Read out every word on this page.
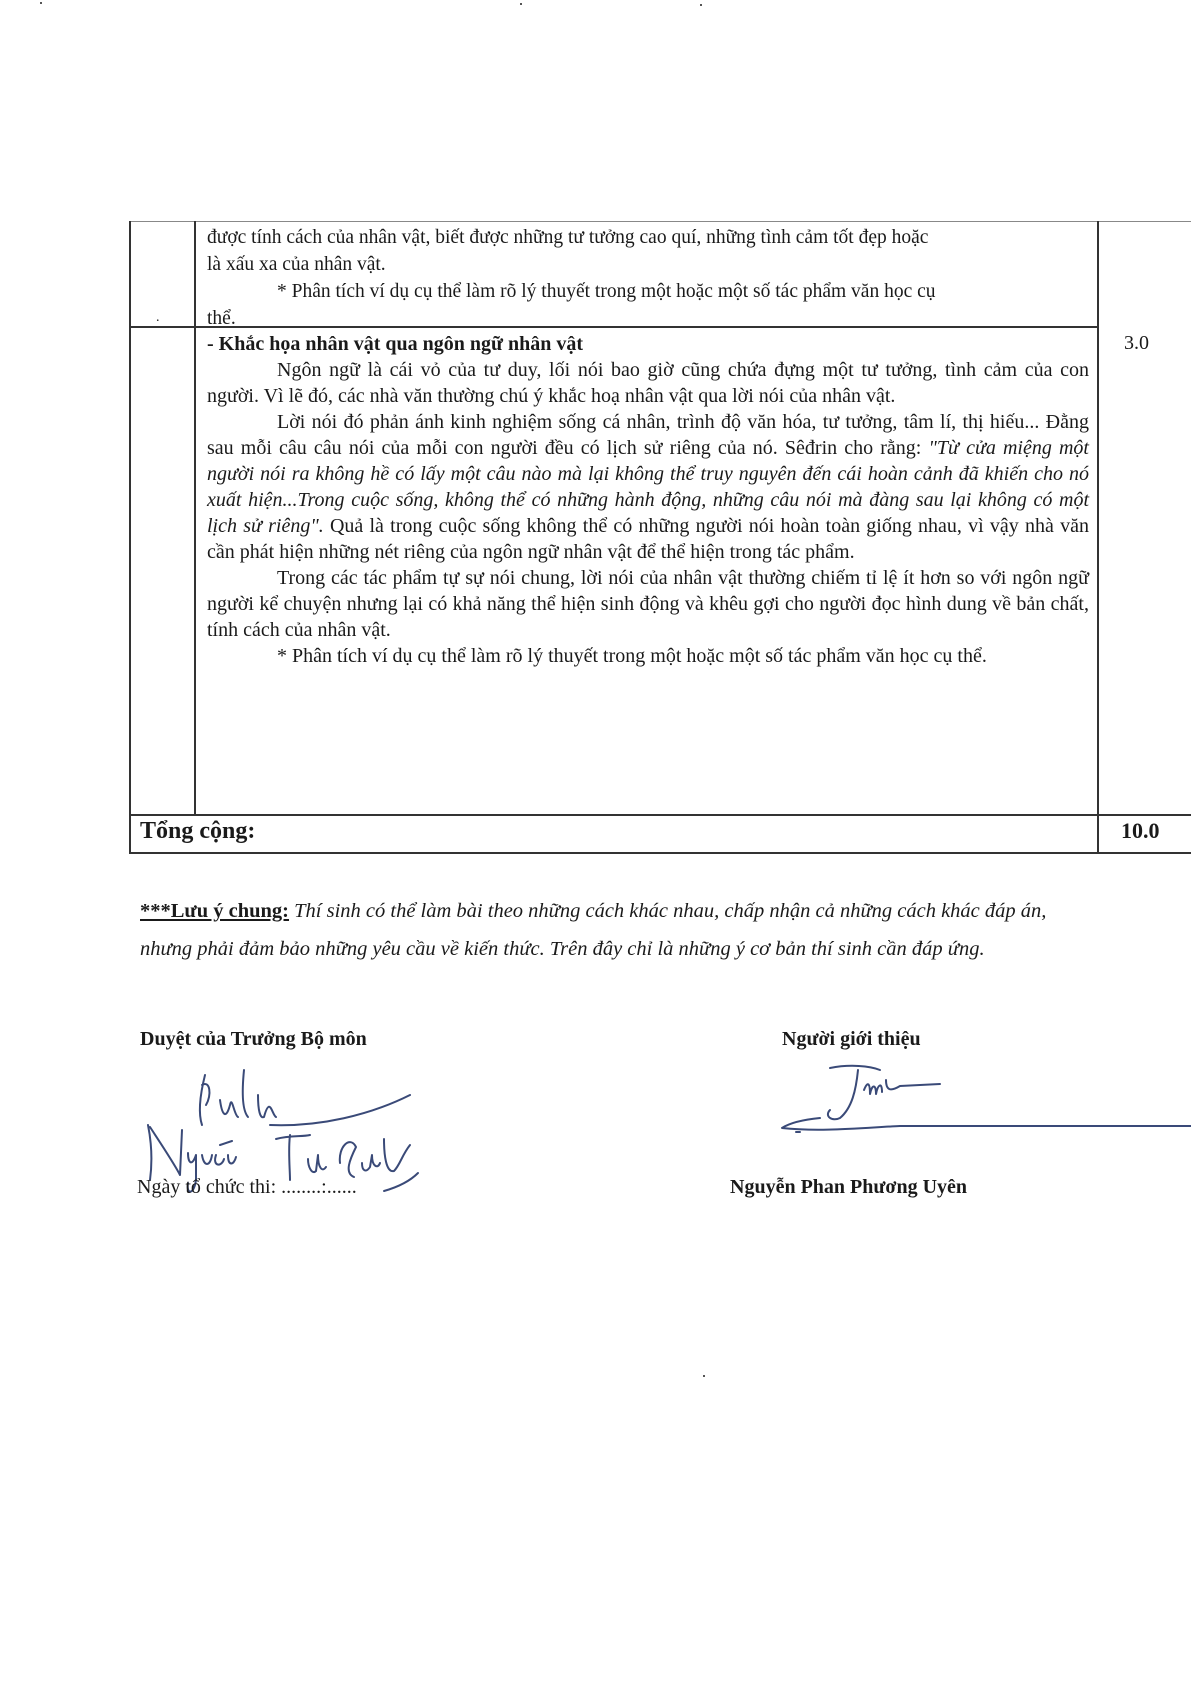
.
được tính cách của nhân vật, biết được những tư tưởng cao quí, những tình cảm tốt đẹp hoặc
là xấu xa của nhân vật.
* Phân tích ví dụ cụ thể làm rõ lý thuyết trong một hoặc một số tác phẩm văn học cụ
thể.
- Khắc họa nhân vật qua ngôn ngữ nhân vật

Ngôn ngữ là cái vỏ của tư duy, lối nói bao giờ cũng chứa đựng một tư tưởng, tình cảm của con người. Vì lẽ đó, các nhà văn thường chú ý khắc hoạ nhân vật qua lời nói của nhân vật.

Lời nói đó phản ánh kinh nghiệm sống cá nhân, trình độ văn hóa, tư tưởng, tâm lí, thị hiếu... Đằng sau mỗi câu câu nói của mỗi con người đều có lịch sử riêng của nó. Sêđrin cho rằng: "Từ cửa miệng một người nói ra không hề có lấy một câu nào mà lại không thể truy nguyên đến cái hoàn cảnh đã khiến cho nó xuất hiện...Trong cuộc sống, không thể có những hành động, những câu nói mà đàng sau lại không có một lịch sử riêng". Quả là trong cuộc sống không thể có những người nói hoàn toàn giống nhau, vì vậy nhà văn cần phát hiện những nét riêng của ngôn ngữ nhân vật để thể hiện trong tác phẩm.

Trong các tác phẩm tự sự nói chung, lời nói của nhân vật thường chiếm tỉ lệ ít hơn so với ngôn ngữ người kể chuyện nhưng lại có khả năng thể hiện sinh động và khêu gợi cho người đọc hình dung về bản chất, tính cách của nhân vật.

* Phân tích ví dụ cụ thể làm rõ lý thuyết trong một hoặc một số tác phẩm văn học cụ thể.

3.0
Tổng cộng:	10.0
***Lưu ý chung: Thí sinh có thể làm bài theo những cách khác nhau, chấp nhận cả những cách khác đáp án, nhưng phải đảm bảo những yêu cầu về kiến thức. Trên đây chỉ là những ý cơ bản thí sinh cần đáp ứng.
Duyệt của Trưởng Bộ môn	Người giới thiệu
Ngày tổ chức thi: ........:......	Nguyễn Phan Phương Uyên
